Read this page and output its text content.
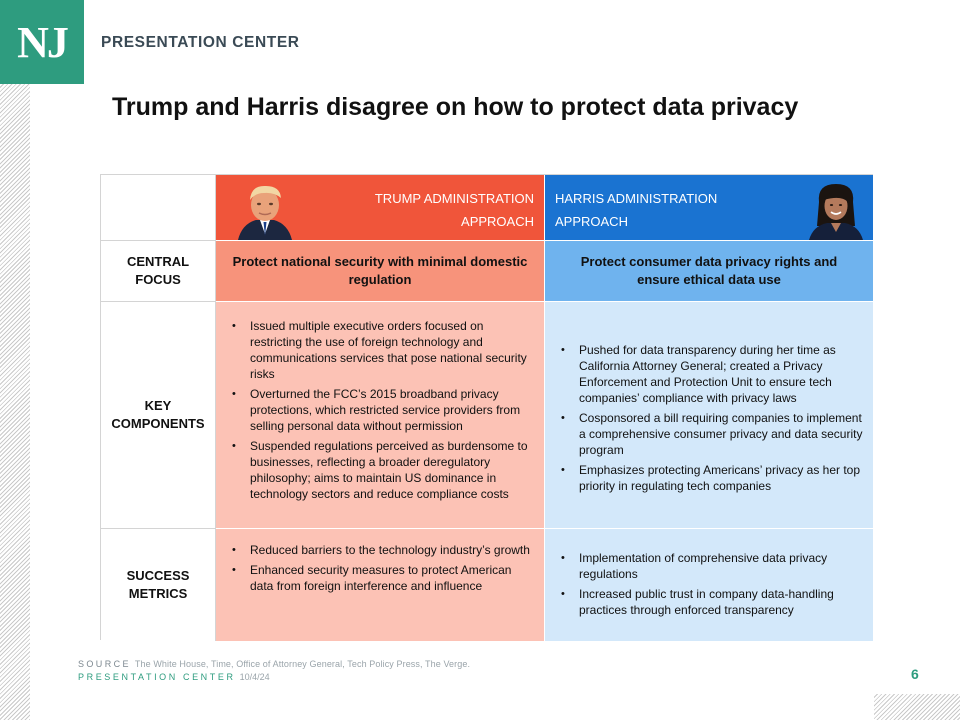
NJ	PRESENTATION CENTER
Trump and Harris disagree on how to protect data privacy
TRUMP ADMINISTRATION
APPROACH
HARRIS ADMINISTRATION
APPROACH
CENTRAL FOCUS
Protect national security with minimal domestic regulation
Protect consumer data privacy rights and ensure ethical data use
KEY COMPONENTS
• Issued multiple executive orders focused on restricting the use of foreign technology and communications services that pose national security risks
• Overturned the FCC’s 2015 broadband privacy protections, which restricted service providers from selling personal data without permission
• Suspended regulations perceived as burdensome to businesses, reflecting a broader deregulatory philosophy; aims to maintain US dominance in technology sectors and reduce compliance costs
• Pushed for data transparency during her time as California Attorney General; created a Privacy Enforcement and Protection Unit to ensure tech companies’ compliance with privacy laws
• Cosponsored a bill requiring companies to implement a comprehensive consumer privacy and data security program
• Emphasizes protecting Americans’ privacy as her top priority in regulating tech companies
SUCCESS METRICS
• Reduced barriers to the technology industry’s growth
• Enhanced security measures to protect American data from foreign interference and influence
• Implementation of comprehensive data privacy regulations
• Increased public trust in company data-handling practices through enforced transparency
SOURCE The White House, Time, Office of Attorney General, Tech Policy Press, The Verge.
PRESENTATION CENTER 10/4/24	6
